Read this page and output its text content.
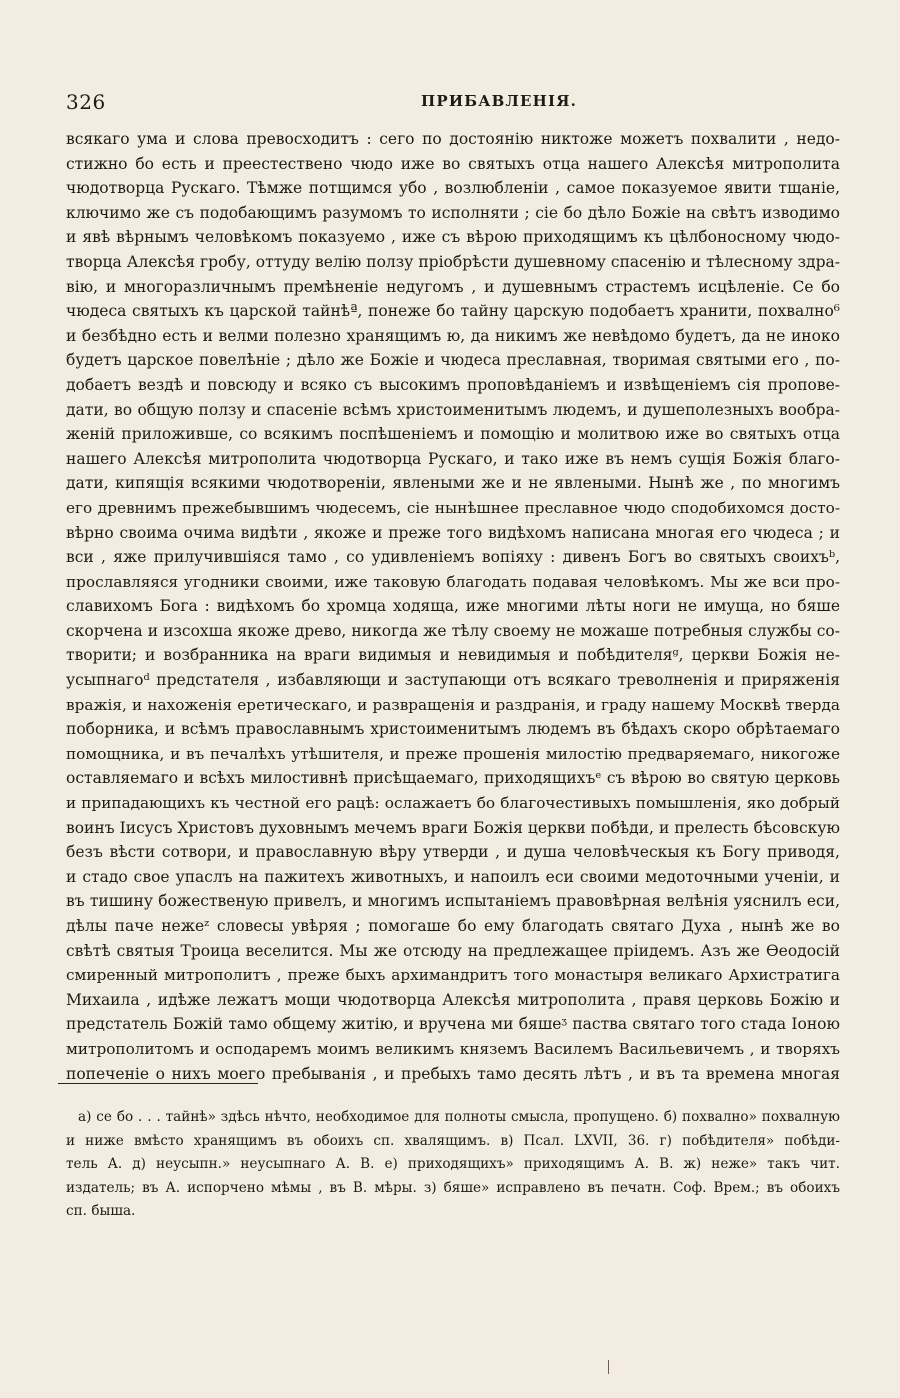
326	ПРИБАВЛЕНІЯ.
всякаго ума и слова превосходитъ : сего по достоянію никтоже можетъ похвалити , недо-
стижно бо есть и преестествено чюдо иже во святыхъ отца нашего Алексѣя митрополита
чюдотворца Рускаго. Тѣмже потщимся убо , возлюбленіи , самое показуемое явити тщаніе,
ключимо же съ подобающимъ разумомъ то исполняти ; сіе бо дѣло Божіе на свѣтъ изводимо
и явѣ вѣрнымъ человѣкомъ показуемо , иже съ вѣрою приходящимъ къ цѣлбоносному чюдо-
творца Алексѣя гробу, оттуду велію ползу пріобрѣсти душевному спасенію и тѣлесному здра-
вію, и многоразличнымъ премѣненіе недугомъ , и душевнымъ страстемъ исцѣленіе. Се бо
чюдеса святыхъ къ царской тайнѣª, понеже бо тайну царскую подобаетъ хранити, похвално⁶
и безбѣдно есть и велми полезно хранящимъ ю, да никимъ же невѣдомо будетъ, да не иноко
будетъ царское повелѣніе ; дѣло же Божіе и чюдеса преславная, творимая святыми его , по-
добаетъ вездѣ и повсюду и всяко съ высокимъ проповѣданіемъ и извѣщеніемъ сія пропове-
дати, во общую ползу и спасеніе всѣмъ христоименитымъ людемъ, и душеполезныхъ вообра-
женій приложивше, со всякимъ поспѣшеніемъ и помощію и молитвою иже во святыхъ отца
нашего Алексѣя митрополита чюдотворца Рускаго, и тако иже въ немъ сущія Божія благо-
дати, кипящія всякими чюдотвореніи, явлеными же и не явлеными. Нынѣ же , по многимъ
его древнимъ прежебывшимъ чюдесемъ, сіе нынѣшнее преславное чюдо сподобихомся досто-
вѣрно своима очима видѣти , якоже и преже того видѣхомъ написана многая его чюдеса ; и
вси , яже прилучившіяся тамо , со удивленіемъ вопіяху : дивенъ Богъ во святыхъ своихъᵇ,
прославляяся угодники своими, иже таковую благодать подавая человѣкомъ. Мы же вси про-
славихомъ Бога : видѣхомъ бо хромца ходяща, иже многими лѣты ноги не имуща, но бяше
скорчена и изсохша якоже древо, никогда же тѣлу своему не можаше потребныя службы со-
творити; и возбранника на враги видимыя и невидимыя и побѣдителяᵍ, церкви Божія не-
усыпнагоᵈ предстателя , избавляющи и заступающи отъ всякаго треволненія и приряженія
вражія, и нахоженія еретическаго, и развращенія и раздранія, и граду нашему Москвѣ тверда
поборника, и всѣмъ православнымъ христоименитымъ людемъ въ бѣдахъ скоро обрѣтаемаго
помощника, и въ печалѣхъ утѣшителя, и преже прошенія милостію предваряемаго, никогоже
оставляемаго и всѣхъ милостивнѣ присѣщаемаго, приходящихъᵉ съ вѣрою во святую церковь
и припадающихъ къ честной его рацѣ: ослажаетъ бо благочестивыхъ помышленія, яко добрый
воинъ Іисусъ Христовъ духовнымъ мечемъ враги Божія церкви побѣди, и прелесть бѣсовскую
безъ вѣсти сотвори, и православную вѣру утверди , и душа человѣческыя къ Богу приводя,
и стадо свое упаслъ на пажитехъ животныхъ, и напоилъ еси своими медоточными ученіи, и
въ тишину божественую привелъ, и многимъ испытаніемъ правовѣрная велѣнія уяснилъ еси,
дѣлы паче нежеᶻ словесы увѣряя ; помогаше бо ему благодать святаго Духа , нынѣ же во
свѣтѣ святыя Троица веселится. Мы же отсюду на предлежащее пріидемъ. Азъ же Ѳеодосій
смиренный митрополитъ , преже быхъ архимандритъ того монастыря великаго Архистратига
Михаила , идѣже лежатъ мощи чюдотворца Алексѣя митрополита , правя церковь Божію и
предстатель Божій тамо общему житію, и вручена ми бяшеᶾ паства святаго того стада Іоною
митрополитомъ и осподаремъ моимъ великимъ княземъ Василемъ Васильевичемъ , и творяхъ
попеченіе о нихъ моего пребыванія , и пребыхъ тамо десять лѣтъ , и въ та времена многая
а) се бо . . . тайнѣ» здѣсь нѣчто, необходимое для полноты смысла, пропущено. б) похвално» похвалную
и ниже вмѣсто хранящимъ въ обоихъ сп. хвалящимъ. в) Псал. LXVII, 36. г) побѣдителя» побѣди-
тель А. д) неусыпн.» неусыпнаго А. В. е) приходящихъ» приходящимъ А. В. ж) нежe» такъ чит.
издатель; въ А. испорчено мѣмы , въ В. мѣры. з) бяше» исправлено въ печатн. Соф. Врем.; въ обоихъ
сп. быша.
